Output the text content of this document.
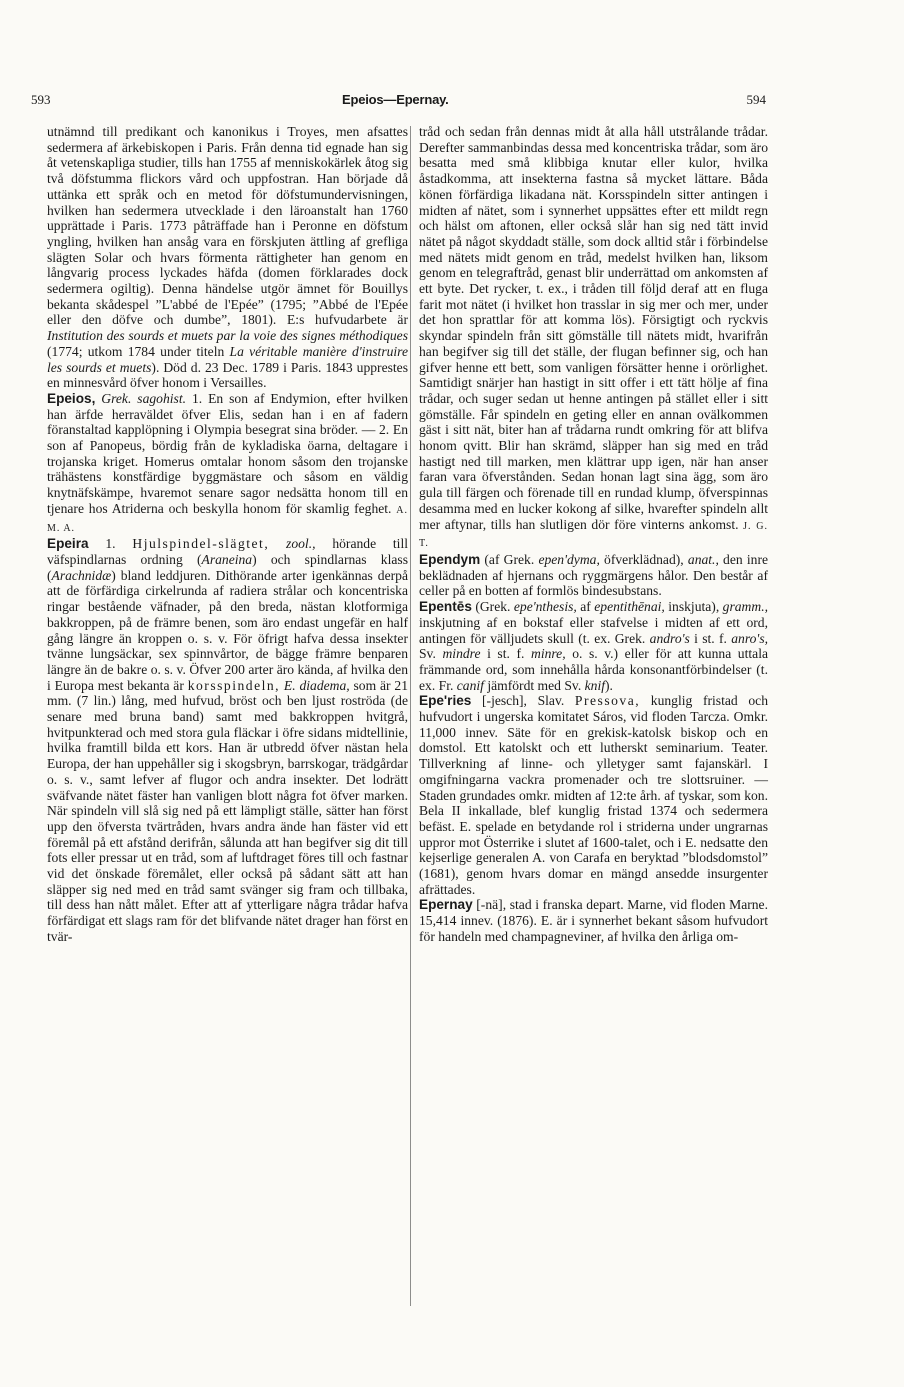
593	Epeios—Epernay.	594

utnämnd till predikant och kanonikus i Troyes, men afsattes sedermera af ärkebiskopen i Paris. Från denna tid egnade han sig åt vetenskapliga studier, tills han 1755 af menniskokärlek åtog sig två döfstumma flickors vård och uppfostran. Han började då uttänka ett språk och en metod för döfstumundervisningen, hvilken han sedermera utvecklade i den läroanstalt han 1760 upprättade i Paris. 1773 påträffade han i Peronne en döfstum yngling, hvilken han ansåg vara en förskjuten ättling af grefliga slägten Solar och hvars förmenta rättigheter han genom en långvarig process lyckades häfda (domen förklarades dock sedermera ogiltig). Denna händelse utgör ämnet för Bouillys bekanta skådespel ”L'abbé de l'Epée” (1795; ”Abbé de l'Epée eller den döfve och dumbe”, 1801). E:s hufvudarbete är Institution des sourds et muets par la voie des signes méthodiques (1774; utkom 1784 under titeln La véritable manière d'instruire les sourds et muets). Död d. 23 Dec. 1789 i Paris. 1843 upprestes en minnesvård öfver honom i Versailles.

Epeios, Grek. sagohist. 1. En son af Endymion, efter hvilken han ärfde herraväldet öfver Elis, sedan han i en af fadern föranstaltad kapplöpning i Olympia besegrat sina bröder. — 2. En son af Panopeus, bördig från de kykladiska öarna, deltagare i trojanska kriget. Homerus omtalar honom såsom den trojanske trähästens konstfärdige byggmästare och såsom en väldig knytnäfskämpe, hvaremot senare sagor nedsätta honom till en tjenare hos Atriderna och beskylla honom för skamlig feghet. A. M. A.

Epeira 1. Hjulspindel-slägtet, zool., hörande till väfspindlarnas ordning (Araneina) och spindlarnas klass (Arachnidæ) bland leddjuren. Dithörande arter igenkännas derpå att de förfärdiga cirkelrunda af radiera strålar och koncentriska ringar bestående väfnader, på den breda, nästan klotformiga bakkroppen, på de främre benen, som äro endast ungefär en half gång längre än kroppen o. s. v. För öfrigt hafva dessa insekter tvänne lungsäckar, sex spinnvårtor, de bägge främre benparen längre än de bakre o. s. v. Öfver 200 arter äro kända, af hvilka den i Europa mest bekanta är korsspindeln, E. diadema, som är 21 mm. (7 lin.) lång, med hufvud, bröst och ben ljust roströda (de senare med bruna band) samt med bakkroppen hvitgrå, hvitpunkterad och med stora gula fläckar i öfre sidans midtellinie, hvilka framtill bilda ett kors. Han är utbredd öfver nästan hela Europa, der han uppehåller sig i skogsbryn, barrskogar, trädgårdar o. s. v., samt lefver af flugor och andra insekter. Det lodrätt sväfvande nätet fäster han vanligen blott några fot öfver marken. När spindeln vill slå sig ned på ett lämpligt ställe, sätter han först upp den öfversta tvärtråden, hvars andra ände han fäster vid ett föremål på ett afstånd derifrån, sålunda att han begifver sig dit till fots eller pressar ut en tråd, som af luftdraget föres till och fastnar vid det önskade föremålet, eller också på sådant sätt att han släpper sig ned med en tråd samt svänger sig fram och tillbaka, till dess han nått målet. Efter att af ytterligare några trådar hafva förfärdigat ett slags ram för det blifvande nätet drager han först en tvär-

tråd och sedan från dennas midt åt alla håll utstrålande trådar. Derefter sammanbindas dessa med koncentriska trådar, som äro besatta med små klibbiga knutar eller kulor, hvilka åstadkomma, att insekterna fastna så mycket lättare. Båda könen förfärdiga likadana nät. Korsspindeln sitter antingen i midten af nätet, som i synnerhet uppsättes efter ett mildt regn och hälst om aftonen, eller också slår han sig ned tätt invid nätet på något skyddadt ställe, som dock alltid står i förbindelse med nätets midt genom en tråd, medelst hvilken han, liksom genom en telegraftråd, genast blir underrättad om ankomsten af ett byte. Det rycker, t. ex., i tråden till följd deraf att en fluga farit mot nätet (i hvilket hon trasslar in sig mer och mer, under det hon sprattlar för att komma lös). Försigtigt och ryckvis skyndar spindeln från sitt gömställe till nätets midt, hvarifrån han begifver sig till det ställe, der flugan befinner sig, och han gifver henne ett bett, som vanligen försätter henne i orörlighet. Samtidigt snärjer han hastigt in sitt offer i ett tätt hölje af fina trådar, och suger sedan ut henne antingen på stället eller i sitt gömställe. Får spindeln en geting eller en annan ovälkommen gäst i sitt nät, biter han af trådarna rundt omkring för att blifva honom qvitt. Blir han skrämd, släpper han sig med en tråd hastigt ned till marken, men klättrar upp igen, när han anser faran vara öfverstånden. Sedan honan lagt sina ägg, som äro gula till färgen och förenade till en rundad klump, öfverspinnas desamma med en lucker kokong af silke, hvarefter spindeln allt mer aftynar, tills han slutligen dör före vinterns ankomst. J. G. T.

Ependym (af Grek. epen'dyma, öfverklädnad), anat., den inre beklädnaden af hjernans och ryggmärgens hålor. Den består af celler på en botten af formlös bindesubstans.

Epentēs (Grek. epe'nthesis, af epentithēnai, inskjuta), gramm., inskjutning af en bokstaf eller stafvelse i midten af ett ord, antingen för välljudets skull (t. ex. Grek. andro's i st. f. anro's, Sv. mindre i st. f. minre, o. s. v.) eller för att kunna uttala främmande ord, som innehålla hårda konsonantförbindelser (t. ex. Fr. canif jämfördt med Sv. knif).

Epe'ries [-jesch], Slav. Pressova, kunglig fristad och hufvudort i ungerska komitatet Sáros, vid floden Tarcza. Omkr. 11,000 innev. Säte för en grekisk-katolsk biskop och en domstol. Ett katolskt och ett lutherskt seminarium. Teater. Tillverkning af linne- och ylletyger samt fajanskärl. I omgifningarna vackra promenader och tre slottsruiner. — Staden grundades omkr. midten af 12:te årh. af tyskar, som kon. Bela II inkallade, blef kunglig fristad 1374 och sedermera befäst. E. spelade en betydande rol i striderna under ungrarnas uppror mot Österrike i slutet af 1600-talet, och i E. nedsatte den kejserlige generalen A. von Carafa en beryktad ”blodsdomstol” (1681), genom hvars domar en mängd ansedde insurgenter afrättades.

Epernay [-nä], stad i franska depart. Marne, vid floden Marne. 15,414 innev. (1876). E. är i synnerhet bekant såsom hufvudort för handeln med champagneviner, af hvilka den årliga om-
